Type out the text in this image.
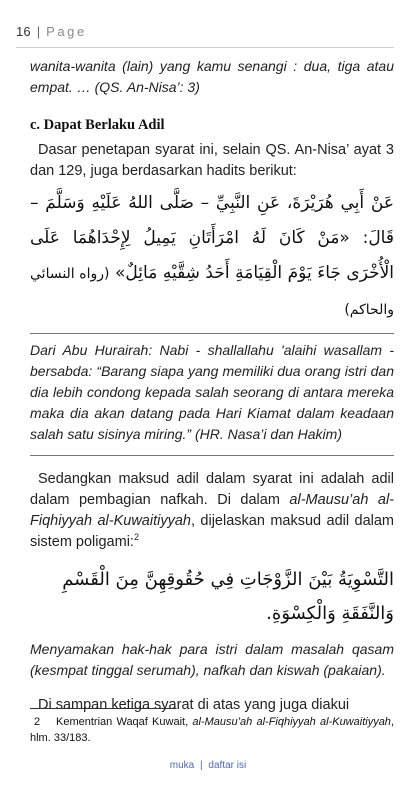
16 | Page

wanita-wanita (lain) yang kamu senangi : dua, tiga atau empat. … (QS. An-Nisa’: 3)

c. Dapat Berlaku Adil

Dasar penetapan syarat ini, selain QS. An-Nisa’ ayat 3 dan 129, juga berdasarkan hadits berikut:

عَنْ أَبِي هُرَيْرَةَ، عَنِ النَّبِيِّ – صَلَّى اللهُ عَلَيْهِ وَسَلَّمَ – قَالَ: «مَنْ كَانَ لَهُ امْرَأَتَانِ يَمِيلُ لِإِحْدَاهُمَا عَلَى الْأُخْرَى جَاءَ يَوْمَ الْقِيَامَةِ أَحَدُ شِقَّيْهِ مَائِلٌ» (رواه النسائي والحاكم)

Dari Abu Hurairah: Nabi - shallallahu 'alaihi wasallam - bersabda: “Barang siapa yang memiliki dua orang istri dan dia lebih condong kepada salah seorang di antara mereka maka dia akan datang pada Hari Kiamat dalam keadaan salah satu sisinya miring.” (HR. Nasa’i dan Hakim)

Sedangkan maksud adil dalam syarat ini adalah adil dalam pembagian nafkah. Di dalam al-Mausu’ah al-Fiqhiyyah al-Kuwaitiyyah, dijelaskan maksud adil dalam sistem poligami:$^2$

التَّسْوِيَةُ بَيْنَ الزَّوْجَاتِ فِي حُقُوقِهِنَّ مِنَ الْقَسْمِ وَالنَّفَقَةِ وَالْكِسْوَةِ.

Menyamakan hak-hak para istri dalam masalah qasam (kesmpat tinggal serumah), nafkah dan kiswah (pakaian).

Di sampan ketiga syarat di atas yang juga diakui

2 Kementrian Waqaf Kuwait, al-Mausu’ah al-Fiqhiyyah al-Kuwaitiyyah, hlm. 33/183.
muka | daftar isi
